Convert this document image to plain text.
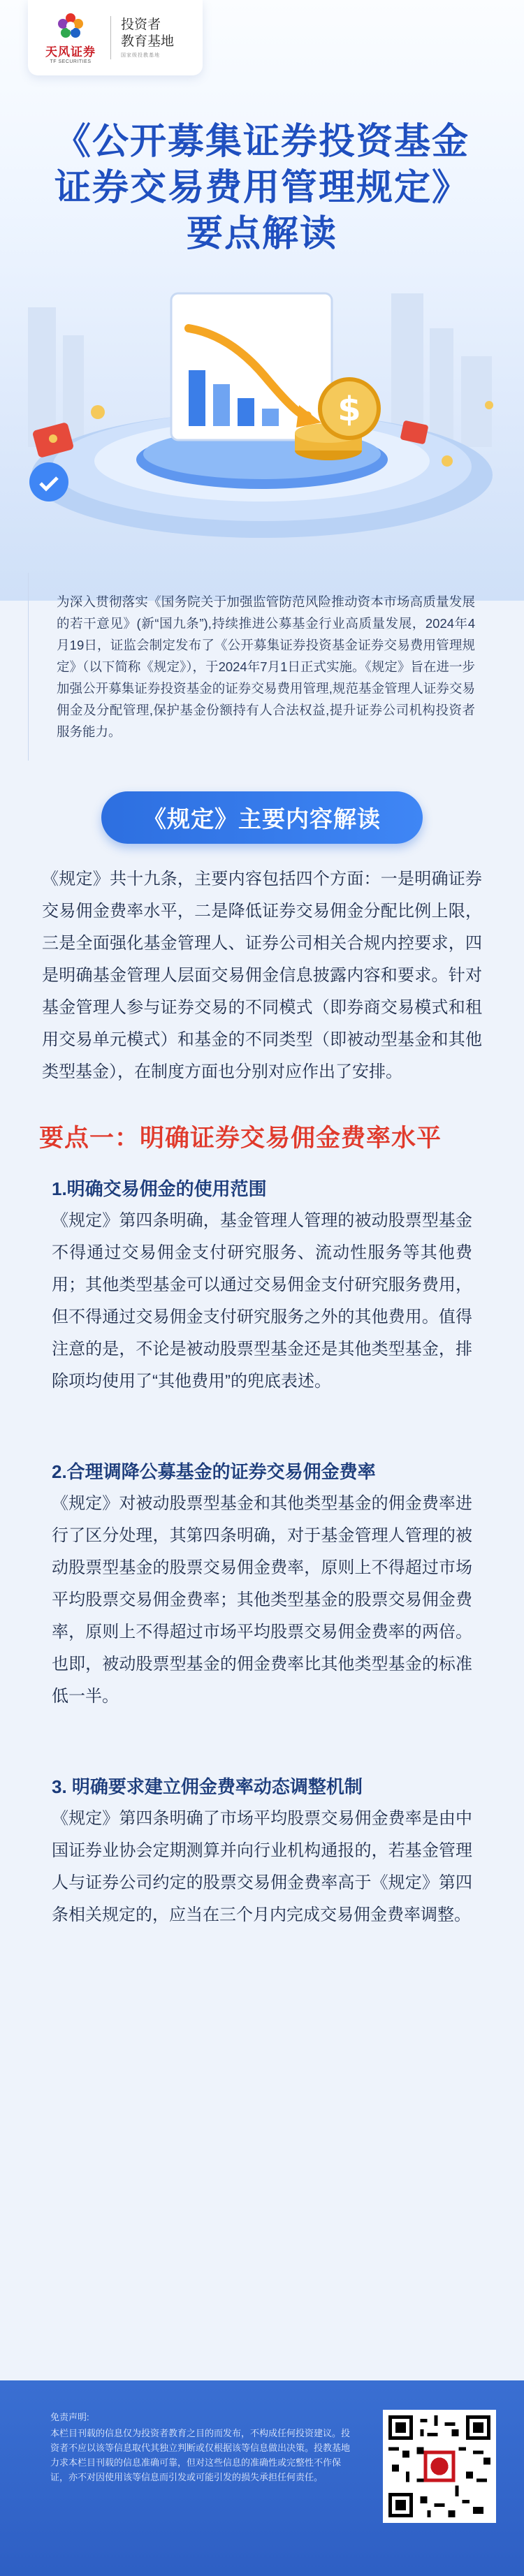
天风证券
TF SECURITIES
投资者
教育基地
国家级投教基地
《公开募集证券投资基金
证券交易费用管理规定》
要点解读
$

为深入贯彻落实《国务院关于加强监管防范风险推动资本市场高质量发展的若干意见》(新“国九条”),持续推进公募基金行业高质量发展，2024年4月19日，证监会制定发布了《公开募集证券投资基金证券交易费用管理规定》（以下简称《规定》），于2024年7月1日正式实施。《规定》旨在进一步加强公开募集证券投资基金的证券交易费用管理,规范基金管理人证券交易佣金及分配管理,保护基金份额持有人合法权益,提升证券公司机构投资者服务能力。

《规定》主要内容解读

《规定》共十九条，主要内容包括四个方面：一是明确证券交易佣金费率水平，二是降低证券交易佣金分配比例上限，三是全面强化基金管理人、证券公司相关合规内控要求，四是明确基金管理人层面交易佣金信息披露内容和要求。针对基金管理人参与证券交易的不同模式（即券商交易模式和租用交易单元模式）和基金的不同类型（即被动型基金和其他类型基金），在制度方面也分别对应作出了安排。

要点一：明确证券交易佣金费率水平
1.明确交易佣金的使用范围

《规定》第四条明确，基金管理人管理的被动股票型基金不得通过交易佣金支付研究服务、流动性服务等其他费用；其他类型基金可以通过交易佣金支付研究服务费用，但不得通过交易佣金支付研究服务之外的其他费用。值得注意的是，不论是被动股票型基金还是其他类型基金，排除项均使用了“其他费用”的兜底表述。

2.合理调降公募基金的证券交易佣金费率

《规定》对被动股票型基金和其他类型基金的佣金费率进行了区分处理，其第四条明确，对于基金管理人管理的被动股票型基金的股票交易佣金费率，原则上不得超过市场平均股票交易佣金费率；其他类型基金的股票交易佣金费率，原则上不得超过市场平均股票交易佣金费率的两倍。也即，被动股票型基金的佣金费率比其他类型基金的标准低一半。

3. 明确要求建立佣金费率动态调整机制

《规定》第四条明确了市场平均股票交易佣金费率是由中国证券业协会定期测算并向行业机构通报的，若基金管理人与证券公司约定的股票交易佣金费率高于《规定》第四条相关规定的，应当在三个月内完成交易佣金费率调整。

免责声明:
本栏目刊载的信息仅为投资者教育之目的而发布，不构成任何投资建议。投资者不应以该等信息取代其独立判断或仅根据该等信息做出决策。投教基地力求本栏目刊载的信息准确可靠，但对这些信息的准确性或完整性不作保证，亦不对因使用该等信息而引发或可能引发的损失承担任何责任。
